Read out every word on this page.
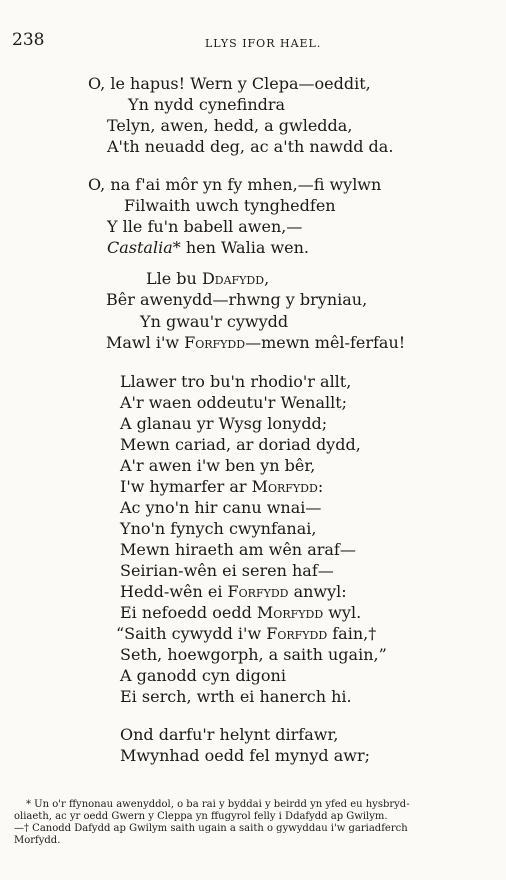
238	LLYS IFOR HAEL.
O, le hapus! Wern y Clepa—oeddit,
Yn nydd cynefindra
Telyn, awen, hedd, a gwledda,
A'th neuadd deg, ac a'th nawdd da.
O, na f'ai môr yn fy mhen,—fi wylwn
Filwaith uwch tynghedfen
Y lle fu'n babell awen,—
Castalia* hen Walia wen.
Lle bu Ddafydd,
Bêr awenydd—rhwng y bryniau,
Yn gwau'r cywydd
Mawl i'w Forfydd—mewn mêl-ferfau!
Llawer tro bu'n rhodio'r allt,
A'r waen oddeutu'r Wenallt;
A glanau yr Wysg lonydd;
Mewn cariad, ar doriad dydd,
A'r awen i'w ben yn bêr,
I'w hymarfer ar Morfydd:
Ac yno'n hir canu wnai—
Yno'n fynych cwynfanai,
Mewn hiraeth am wên araf—
Seirian-wên ei seren haf—
Hedd-wên ei Forfydd anwyl:
Ei nefoedd oedd Morfydd wyl.
“Saith cywydd i'w Forfydd fain,†
Seth, hoewgorph, a saith ugain,”
A ganodd cyn digoni
Ei serch, wrth ei hanerch hi.
Ond darfu'r helynt dirfawr,
Mwynhad oedd fel mynyd awr;
* Un o'r ffynonau awenyddol, o ba rai y byddai y beirdd yn yfed eu hysbryd-
oliaeth, ac yr oedd Gwern y Cleppa yn ffugyrol felly i Ddafydd ap Gwilym.
—† Canodd Dafydd ap Gwilym saith ugain a saith o gywyddau i'w gariadferch
Morfydd.
